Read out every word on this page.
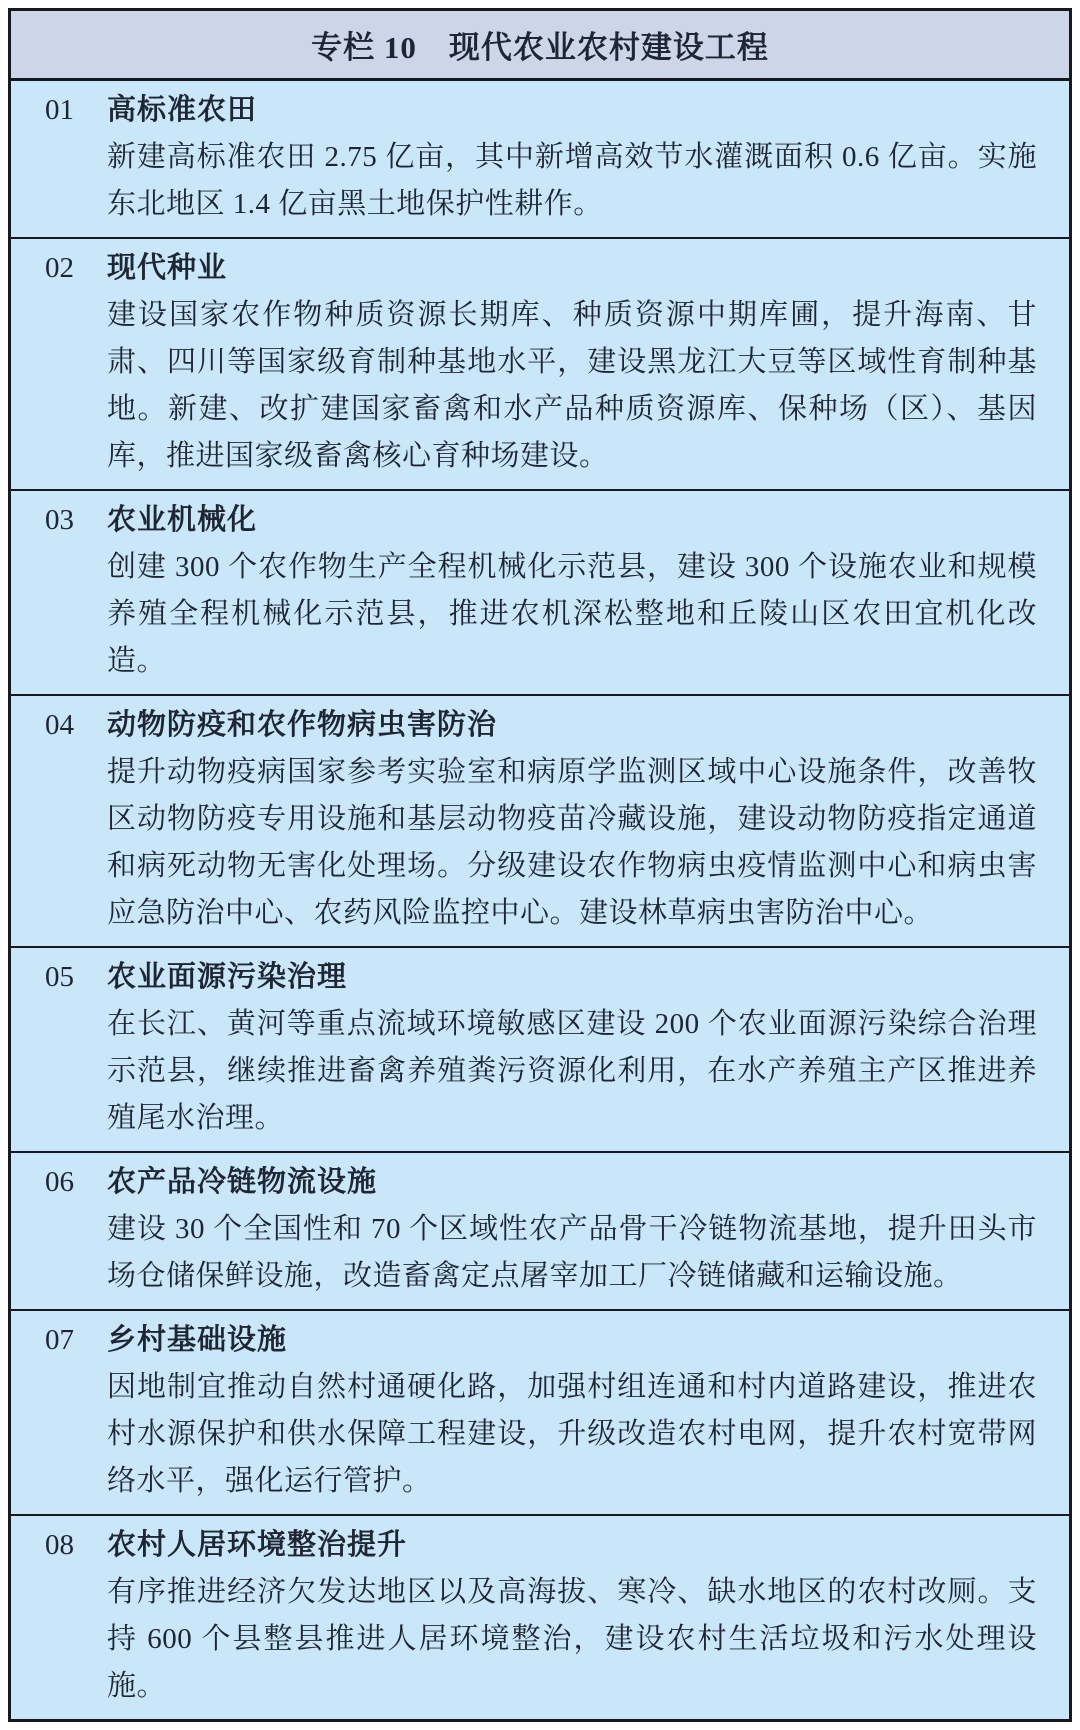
专栏 10　现代农业农村建设工程
01	高标准农田

新建高标准农田 2.75 亿亩，其中新增高效节水灌溉面积 0.6 亿亩。实施东北地区 1.4 亿亩黑土地保护性耕作。

02	现代种业

建设国家农作物种质资源长期库、种质资源中期库圃，提升海南、甘肃、四川等国家级育制种基地水平，建设黑龙江大豆等区域性育制种基地。新建、改扩建国家畜禽和水产品种质资源库、保种场（区）、基因库，推进国家级畜禽核心育种场建设。

03	农业机械化

创建 300 个农作物生产全程机械化示范县，建设 300 个设施农业和规模养殖全程机械化示范县，推进农机深松整地和丘陵山区农田宜机化改造。

04	动物防疫和农作物病虫害防治

提升动物疫病国家参考实验室和病原学监测区域中心设施条件，改善牧区动物防疫专用设施和基层动物疫苗冷藏设施，建设动物防疫指定通道和病死动物无害化处理场。分级建设农作物病虫疫情监测中心和病虫害应急防治中心、农药风险监控中心。建设林草病虫害防治中心。

05	农业面源污染治理

在长江、黄河等重点流域环境敏感区建设 200 个农业面源污染综合治理示范县，继续推进畜禽养殖粪污资源化利用，在水产养殖主产区推进养殖尾水治理。

06	农产品冷链物流设施

建设 30 个全国性和 70 个区域性农产品骨干冷链物流基地，提升田头市场仓储保鲜设施，改造畜禽定点屠宰加工厂冷链储藏和运输设施。

07	乡村基础设施

因地制宜推动自然村通硬化路，加强村组连通和村内道路建设，推进农村水源保护和供水保障工程建设，升级改造农村电网，提升农村宽带网络水平，强化运行管护。

08	农村人居环境整治提升

有序推进经济欠发达地区以及高海拔、寒冷、缺水地区的农村改厕。支持 600 个县整县推进人居环境整治，建设农村生活垃圾和污水处理设施。
